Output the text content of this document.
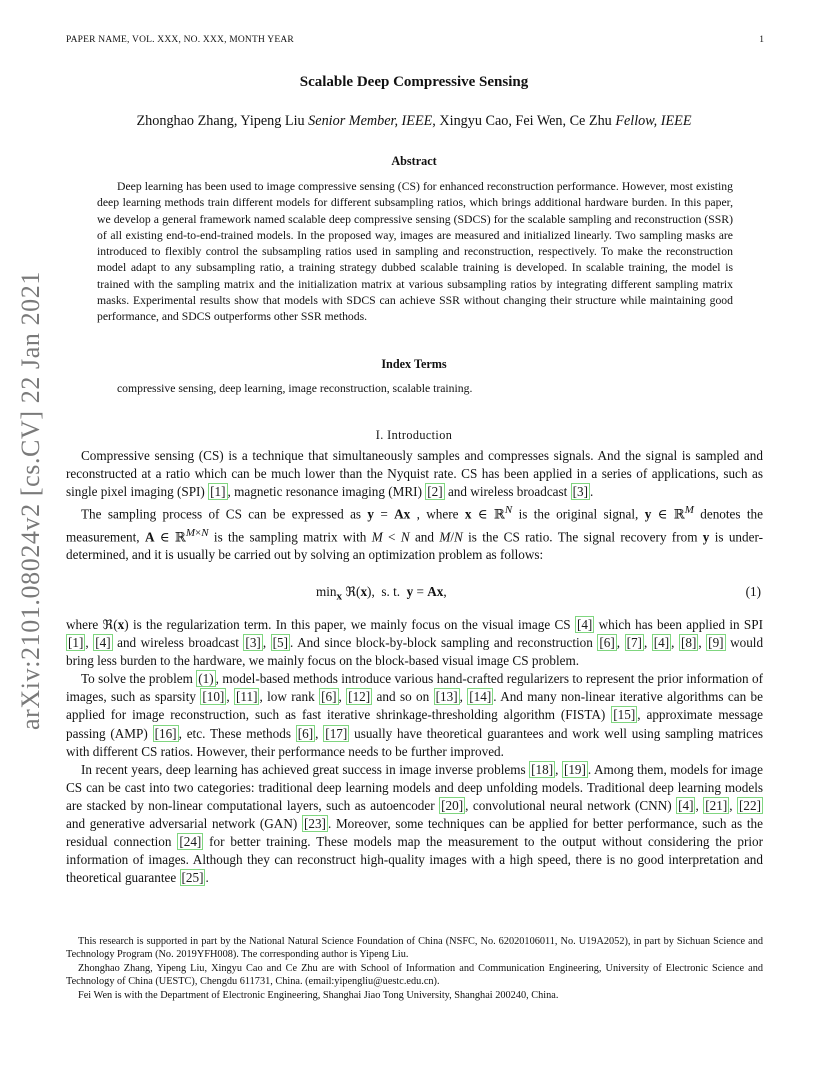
PAPER NAME, VOL. XXX, NO. XXX, MONTH YEAR	1
Scalable Deep Compressive Sensing
Zhonghao Zhang, Yipeng Liu Senior Member, IEEE, Xingyu Cao, Fei Wen, Ce Zhu Fellow, IEEE
Abstract
Deep learning has been used to image compressive sensing (CS) for enhanced reconstruction performance. However, most existing deep learning methods train different models for different subsampling ratios, which brings additional hardware burden. In this paper, we develop a general framework named scalable deep compressive sensing (SDCS) for the scalable sampling and reconstruction (SSR) of all existing end-to-end-trained models. In the proposed way, images are measured and initialized linearly. Two sampling masks are introduced to flexibly control the subsampling ratios used in sampling and reconstruction, respectively. To make the reconstruction model adapt to any subsampling ratio, a training strategy dubbed scalable training is developed. In scalable training, the model is trained with the sampling matrix and the initialization matrix at various subsampling ratios by integrating different sampling matrix masks. Experimental results show that models with SDCS can achieve SSR without changing their structure while maintaining good performance, and SDCS outperforms other SSR methods.
Index Terms
compressive sensing, deep learning, image reconstruction, scalable training.
I. Introduction

Compressive sensing (CS) is a technique that simultaneously samples and compresses signals. And the signal is sampled and reconstructed at a ratio which can be much lower than the Nyquist rate. CS has been applied in a series of applications, such as single pixel imaging (SPI) [1] , magnetic resonance imaging (MRI) [2] and wireless broadcast [3] .

The sampling process of CS can be expressed as y = Ax , where x ∈ ℝ$^N$ is the original signal, y ∈ ℝ$^M$ denotes the measurement, A ∈ ℝ$^{M\times N}$ is the sampling matrix with M < N and M/N is the CS ratio. The signal recovery from y is under-determined, and it is usually be carried out by solving an optimization problem as follows:

$\min_x$ ℜ(x),  s. t. y = Ax,	(1)

where ℜ(x) is the regularization term. In this paper, we mainly focus on the visual image CS [4] which has been applied in SPI [1] , [4] and wireless broadcast [3] , [5] . And since block-by-block sampling and reconstruction [6] , [7] , [4] , [8] , [9] would bring less burden to the hardware, we mainly focus on the block-based visual image CS problem.

To solve the problem (1) , model-based methods introduce various hand-crafted regularizers to represent the prior information of images, such as sparsity [10] , [11] , low rank [6] , [12] and so on [13] , [14] . And many non-linear iterative algorithms can be applied for image reconstruction, such as fast iterative shrinkage-thresholding algorithm (FISTA) [15] , approximate message passing (AMP) [16] , etc. These methods [6] , [17] usually have theoretical guarantees and work well using sampling matrices with different CS ratios. However, their performance needs to be further improved.

In recent years, deep learning has achieved great success in image inverse problems [18] , [19] . Among them, models for image CS can be cast into two categories: traditional deep learning models and deep unfolding models. Traditional deep learning models are stacked by non-linear computational layers, such as autoencoder [20] , convolutional neural network (CNN) [4] , [21] , [22] and generative adversarial network (GAN) [23] . Moreover, some techniques can be applied for better performance, such as the residual connection [24] for better training. These models map the measurement to the output without considering the prior information of images. Although they can reconstruct high-quality images with a high speed, there is no good interpretation and theoretical guarantee [25] .

This research is supported in part by the National Natural Science Foundation of China (NSFC, No. 62020106011, No. U19A2052), in part by Sichuan Science and Technology Program (No. 2019YFH008). The corresponding author is Yipeng Liu.

Zhonghao Zhang, Yipeng Liu, Xingyu Cao and Ce Zhu are with School of Information and Communication Engineering, University of Electronic Science and Technology of China (UESTC), Chengdu 611731, China. (email:yipengliu@uestc.edu.cn).

Fei Wen is with the Department of Electronic Engineering, Shanghai Jiao Tong University, Shanghai 200240, China.

arXiv:2101.08024v2 [cs.CV] 22 Jan 2021
